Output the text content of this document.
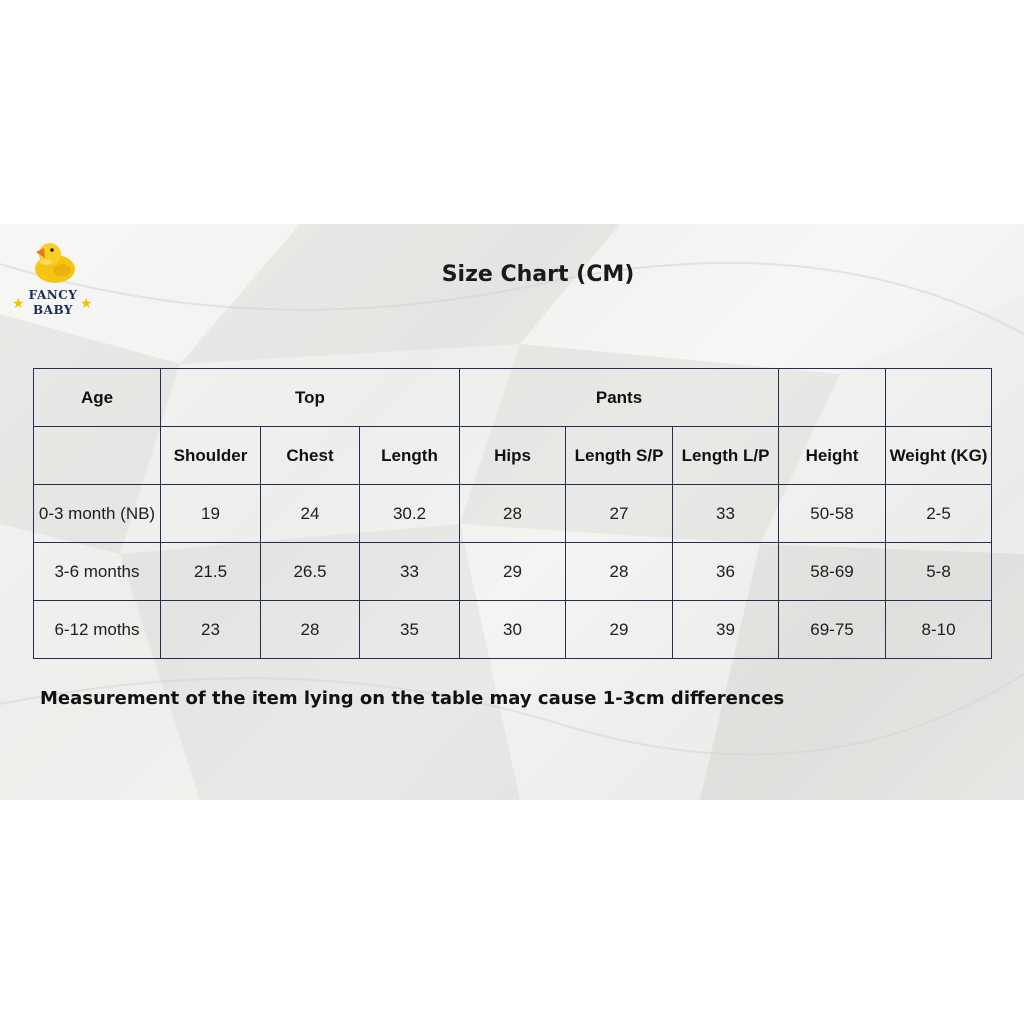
★	★
FANCY
BABY
Size Chart (CM)
Age	Top			Pants				
	Shoulder	Chest	Length	Hips	Length S/P	Length L/P	Height	Weight (KG)
0-3 month (NB)	19	24	30.2	28	27	33	50-58	2-5
3-6 months	21.5	26.5	33	29	28	36	58-69	5-8
6-12 moths	23	28	35	30	29	39	69-75	8-10
Measurement of the item lying on the table may cause 1-3cm differences
